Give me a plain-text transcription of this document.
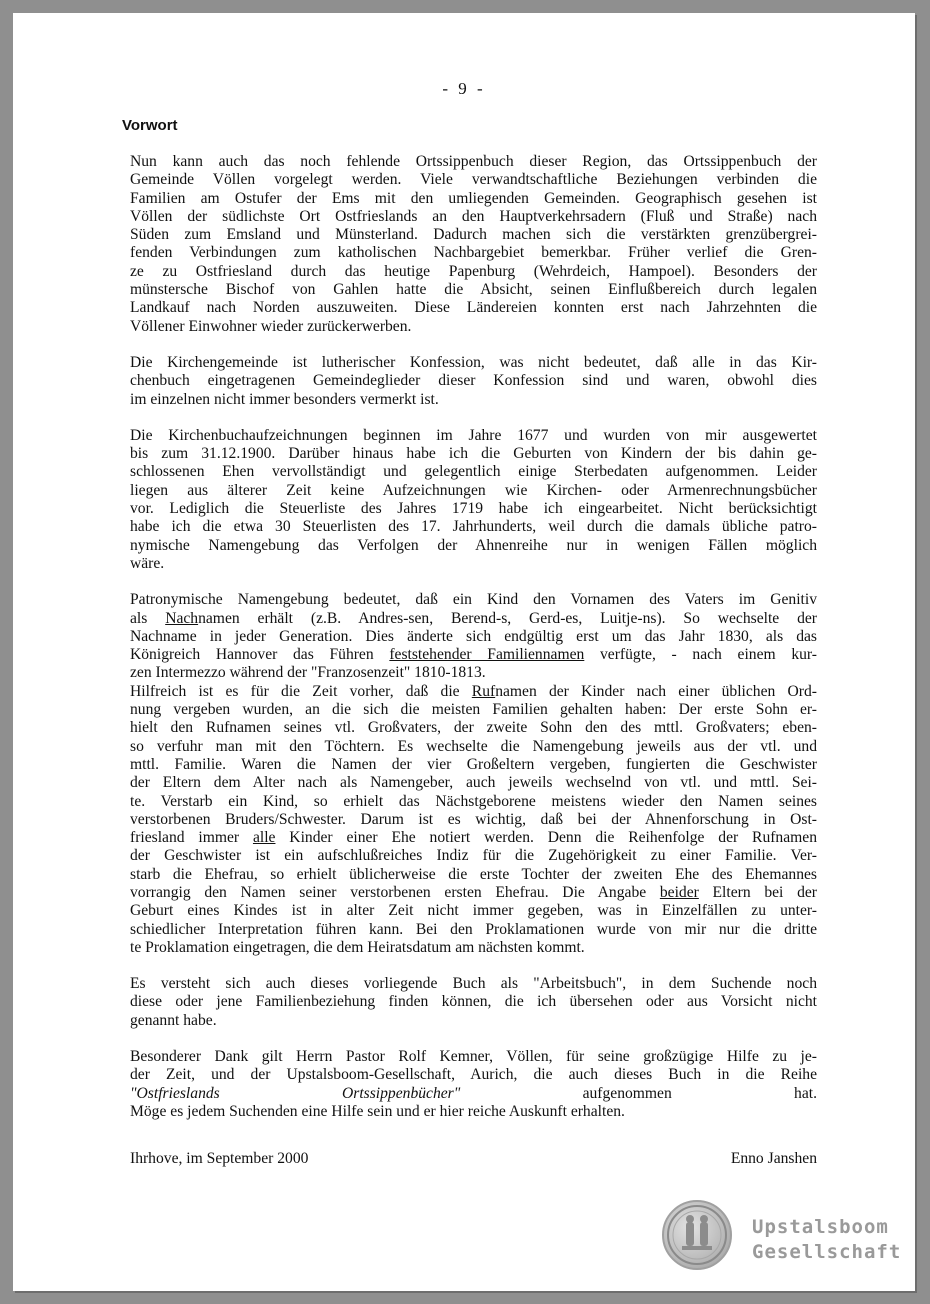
- 9 -
Vorwort
Nun kann auch das noch fehlende Ortssippenbuch dieser Region, das Ortssippenbuch der
Gemeinde Völlen vorgelegt werden. Viele verwandtschaftliche Beziehungen verbinden die
Familien am Ostufer der Ems mit den umliegenden Gemeinden. Geographisch gesehen ist
Völlen der südlichste Ort Ostfrieslands an den Hauptverkehrsadern (Fluß und Straße) nach
Süden zum Emsland und Münsterland. Dadurch machen sich die verstärkten grenzübergrei-
fenden Verbindungen zum katholischen Nachbargebiet bemerkbar. Früher verlief die Gren-
ze zu Ostfriesland durch das heutige Papenburg (Wehrdeich, Hampoel). Besonders der
münstersche Bischof von Gahlen hatte die Absicht, seinen Einflußbereich durch legalen
Landkauf nach Norden auszuweiten. Diese Ländereien konnten erst nach Jahrzehnten die
Völlener Einwohner wieder zurückerwerben.
Die Kirchengemeinde ist lutherischer Konfession, was nicht bedeutet, daß alle in das Kir-
chenbuch eingetragenen Gemeindeglieder dieser Konfession sind und waren, obwohl dies
im einzelnen nicht immer besonders vermerkt ist.
Die Kirchenbuchaufzeichnungen beginnen im Jahre 1677 und wurden von mir ausgewertet
bis zum 31.12.1900. Darüber hinaus habe ich die Geburten von Kindern der bis dahin ge-
schlossenen Ehen vervollständigt und gelegentlich einige Sterbedaten aufgenommen. Leider
liegen aus älterer Zeit keine Aufzeichnungen wie Kirchen- oder Armenrechnungsbücher
vor. Lediglich die Steuerliste des Jahres 1719 habe ich eingearbeitet. Nicht berücksichtigt
habe ich die etwa 30 Steuerlisten des 17. Jahrhunderts, weil durch die damals übliche patro-
nymische Namengebung das Verfolgen der Ahnenreihe nur in wenigen Fällen möglich
wäre.
Patronymische Namengebung bedeutet, daß ein Kind den Vornamen des Vaters im Genitiv
als Nachnamen erhält (z.B. Andres-sen, Berend-s, Gerd-es, Luitje-ns). So wechselte der
Nachname in jeder Generation. Dies änderte sich endgültig erst um das Jahr 1830, als das
Königreich Hannover das Führen feststehender Familiennamen verfügte, - nach einem kur-
zen Intermezzo während der "Franzosenzeit" 1810-1813.
Hilfreich ist es für die Zeit vorher, daß die Rufnamen der Kinder nach einer üblichen Ord-
nung vergeben wurden, an die sich die meisten Familien gehalten haben: Der erste Sohn er-
hielt den Rufnamen seines vtl. Großvaters, der zweite Sohn den des mttl. Großvaters; eben-
so verfuhr man mit den Töchtern. Es wechselte die Namengebung jeweils aus der vtl. und
mttl. Familie. Waren die Namen der vier Großeltern vergeben, fungierten die Geschwister
der Eltern dem Alter nach als Namengeber, auch jeweils wechselnd von vtl. und mttl. Sei-
te. Verstarb ein Kind, so erhielt das Nächstgeborene meistens wieder den Namen seines
verstorbenen Bruders/Schwester. Darum ist es wichtig, daß bei der Ahnenforschung in Ost-
friesland immer alle Kinder einer Ehe notiert werden. Denn die Reihenfolge der Rufnamen
der Geschwister ist ein aufschlußreiches Indiz für die Zugehörigkeit zu einer Familie. Ver-
starb die Ehefrau, so erhielt üblicherweise die erste Tochter der zweiten Ehe des Ehemannes
vorrangig den Namen seiner verstorbenen ersten Ehefrau. Die Angabe beider Eltern bei der
Geburt eines Kindes ist in alter Zeit nicht immer gegeben, was in Einzelfällen zu unter-
schiedlicher Interpretation führen kann. Bei den Proklamationen wurde von mir nur die dritte
te Proklamation eingetragen, die dem Heiratsdatum am nächsten kommt.
Es versteht sich auch dieses vorliegende Buch als "Arbeitsbuch", in dem Suchende noch
diese oder jene Familienbeziehung finden können, die ich übersehen oder aus Vorsicht nicht
genannt habe.
Besonderer Dank gilt Herrn Pastor Rolf Kemner, Völlen, für seine großzügige Hilfe zu je-
der Zeit, und der Upstalsboom-Gesellschaft, Aurich, die auch dieses Buch in die Reihe
"Ostfrieslands Ortssippenbücher" aufgenommen hat.
Möge es jedem Suchenden eine Hilfe sein und er hier reiche Auskunft erhalten.
Ihrhove, im September 2000	Enno Janshen
Upstalsboom
Gesellschaft
